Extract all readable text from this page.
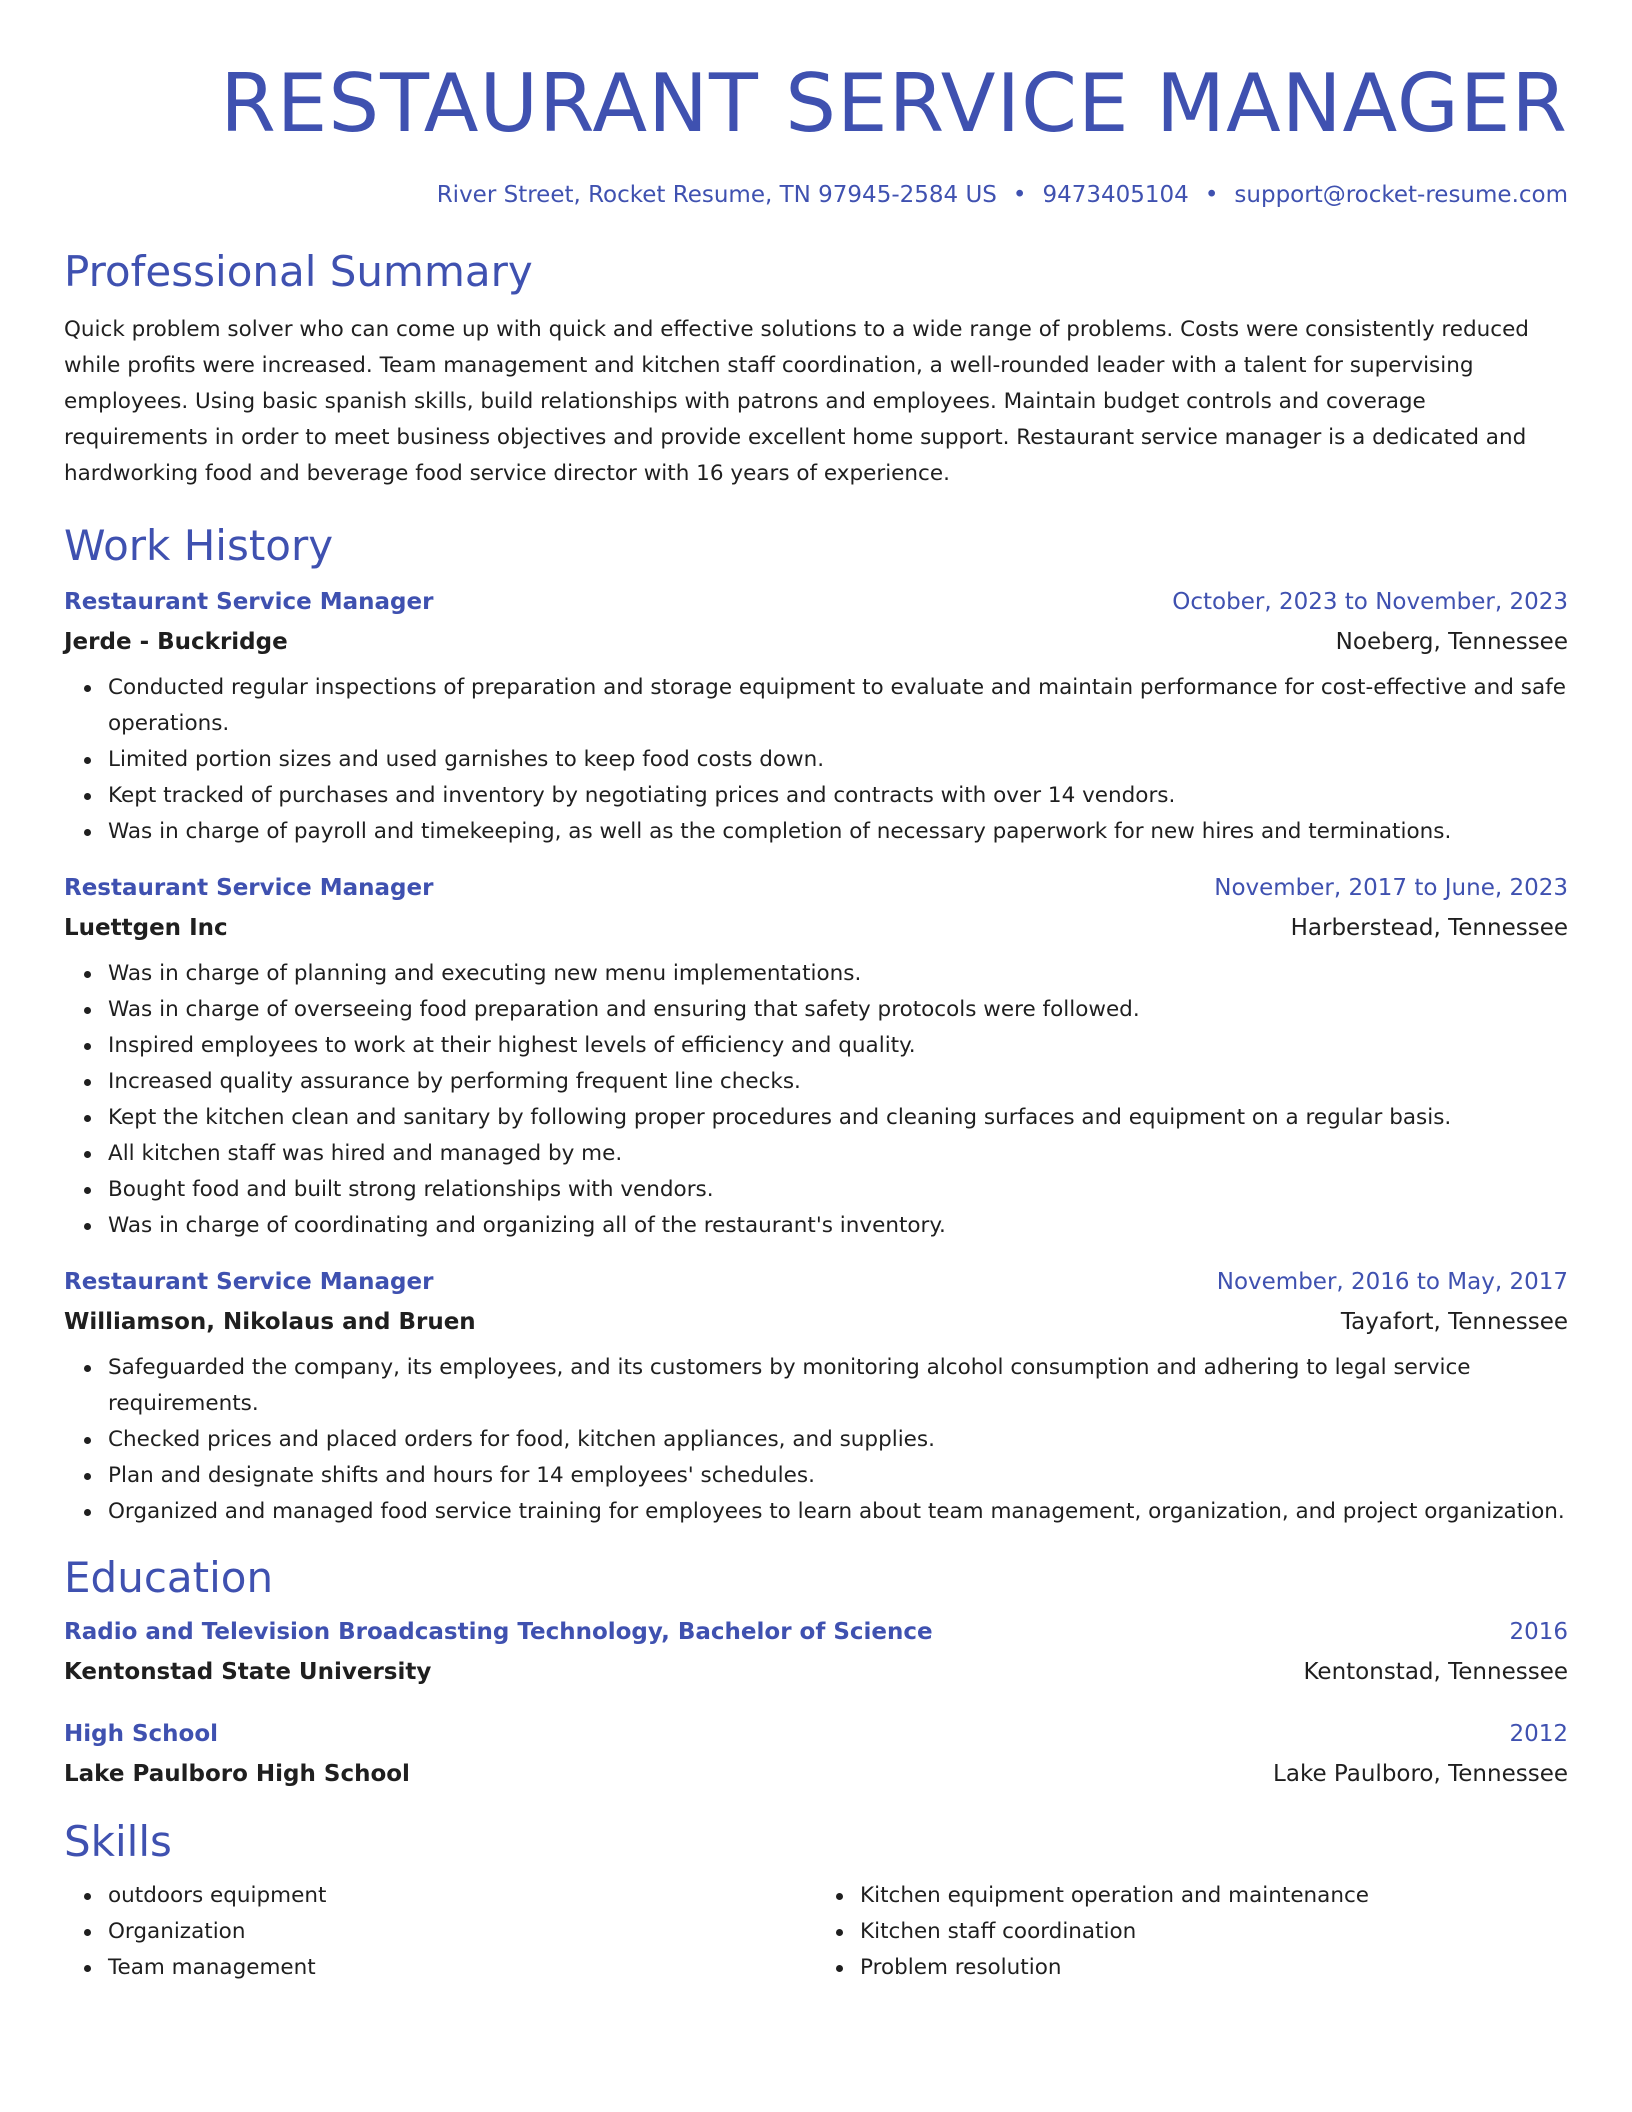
RESTAURANT SERVICE MANAGER
River Street, Rocket Resume, TN 97945-2584 US • 9473405104 • support@rocket-resume.com
Professional Summary
Quick problem solver who can come up with quick and effective solutions to a wide range of problems. Costs were consistently reduced while profits were increased. Team management and kitchen staff coordination, a well-rounded leader with a talent for supervising employees. Using basic spanish skills, build relationships with patrons and employees. Maintain budget controls and coverage requirements in order to meet business objectives and provide excellent home support. Restaurant service manager is a dedicated and hardworking food and beverage food service director with 16 years of experience.
Work History
Restaurant Service Manager	October, 2023 to November, 2023
Jerde - Buckridge	Noeberg, Tennessee
Conducted regular inspections of preparation and storage equipment to evaluate and maintain performance for cost-effective and safe operations.
Limited portion sizes and used garnishes to keep food costs down.
Kept tracked of purchases and inventory by negotiating prices and contracts with over 14 vendors.
Was in charge of payroll and timekeeping, as well as the completion of necessary paperwork for new hires and terminations.
Restaurant Service Manager	November, 2017 to June, 2023
Luettgen Inc	Harberstead, Tennessee
Was in charge of planning and executing new menu implementations.
Was in charge of overseeing food preparation and ensuring that safety protocols were followed.
Inspired employees to work at their highest levels of efficiency and quality.
Increased quality assurance by performing frequent line checks.
Kept the kitchen clean and sanitary by following proper procedures and cleaning surfaces and equipment on a regular basis.
All kitchen staff was hired and managed by me.
Bought food and built strong relationships with vendors.
Was in charge of coordinating and organizing all of the restaurant's inventory.
Restaurant Service Manager	November, 2016 to May, 2017
Williamson, Nikolaus and Bruen	Tayafort, Tennessee
Safeguarded the company, its employees, and its customers by monitoring alcohol consumption and adhering to legal service requirements.
Checked prices and placed orders for food, kitchen appliances, and supplies.
Plan and designate shifts and hours for 14 employees' schedules.
Organized and managed food service training for employees to learn about team management, organization, and project organization.
Education
Radio and Television Broadcasting Technology, Bachelor of Science	2016
Kentonstad State University	Kentonstad, Tennessee
High School	2012
Lake Paulboro High School	Lake Paulboro, Tennessee
Skills
outdoors equipment
Organization
Team management
Kitchen equipment operation and maintenance
Kitchen staff coordination
Problem resolution
